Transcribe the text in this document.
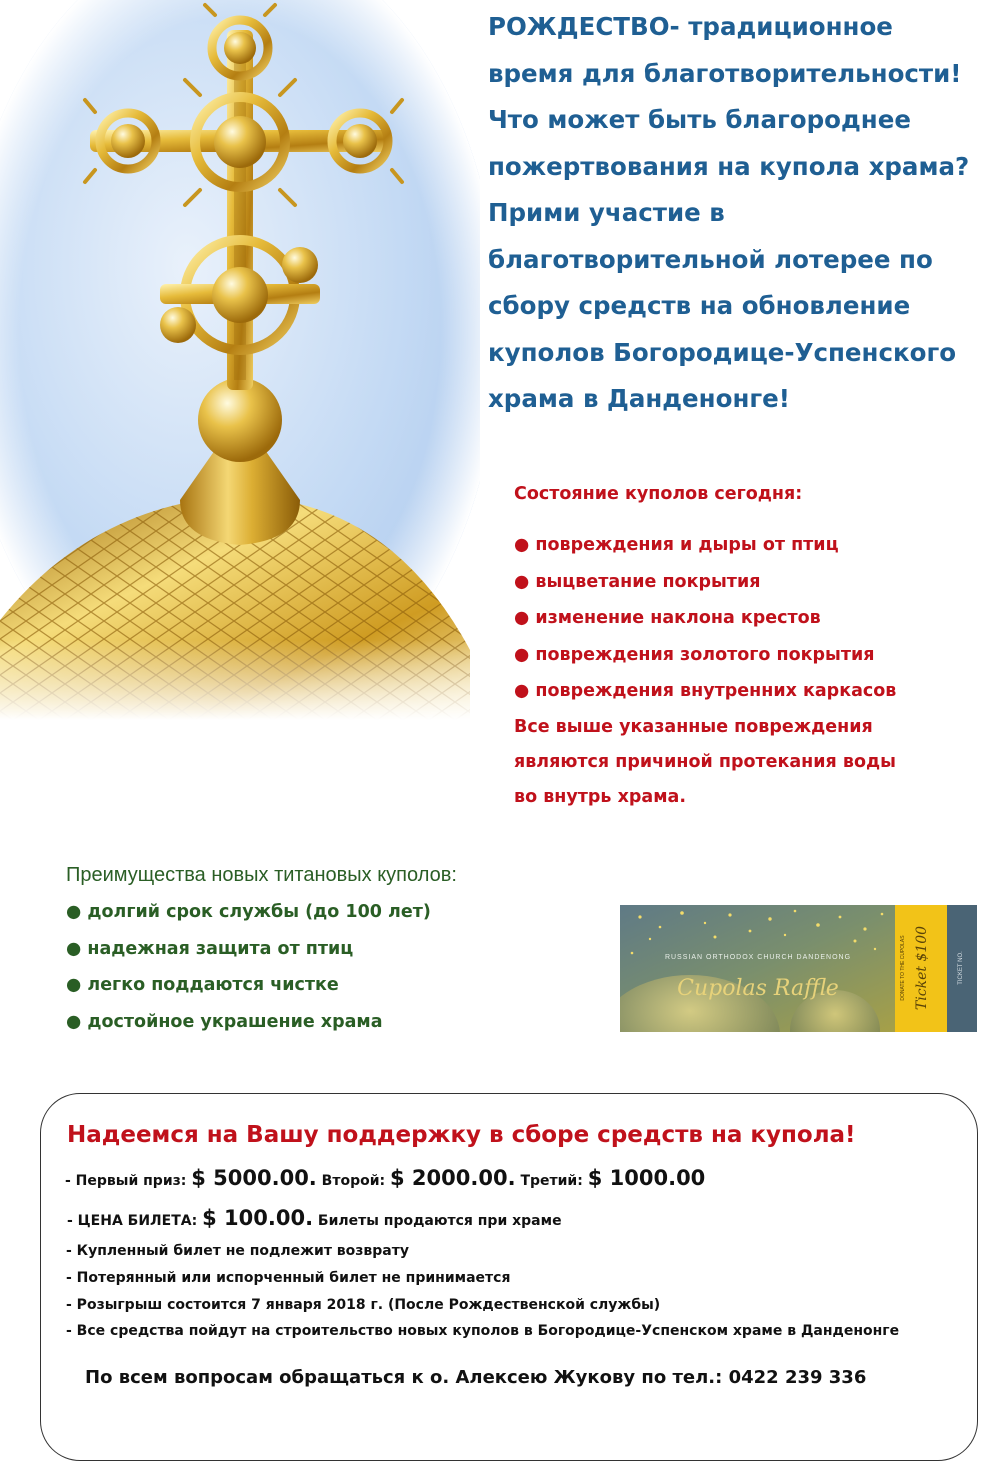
РОЖДЕСТВО- традиционное
время для благотворительности!
Что может быть благороднее
пожертвования на купола храма?
Прими участие в
благотворительной лотерее по
сбору средств на обновление
куполов Богородице-Успенского
храма в Данденонге!
Состояние куполов сегодня:
● повреждения и дыры от птиц
● выцветание покрытия
● изменение наклона крестов
● повреждения золотого покрытия
● повреждения внутренних каркасов

Все выше указанные повреждения
являются причиной протекания воды
во внутрь храма.

Преимущества новых титановых куполов:
● долгий срок службы (до 100 лет)
● надежная защита от птиц
● легко поддаются чистке
● достойное украшение храма
RUSSIAN ORTHODOX CHURCH DANDENONG
Cupolas Raffle	Ticket $100
DONATE TO THE CUPOLAS	TICKET NO.
Надеемся на Вашу поддержку в сборе средств на купола!
- Первый приз: $ 5000.00. Второй: $ 2000.00. Третий: $ 1000.00
- ЦЕНА БИЛЕТА: $ 100.00. Билеты продаются при храме
- Купленный билет не подлежит возврату
- Потерянный или испорченный билет не принимается
- Розыгрыш состоится 7 января 2018 г. (После Рождественской службы)
- Все средства пойдут на строительство новых куполов в Богородице-Успенском храме в Данденонге
По всем вопросам обращаться к о. Алексею Жукову по тел.: 0422 239 336
